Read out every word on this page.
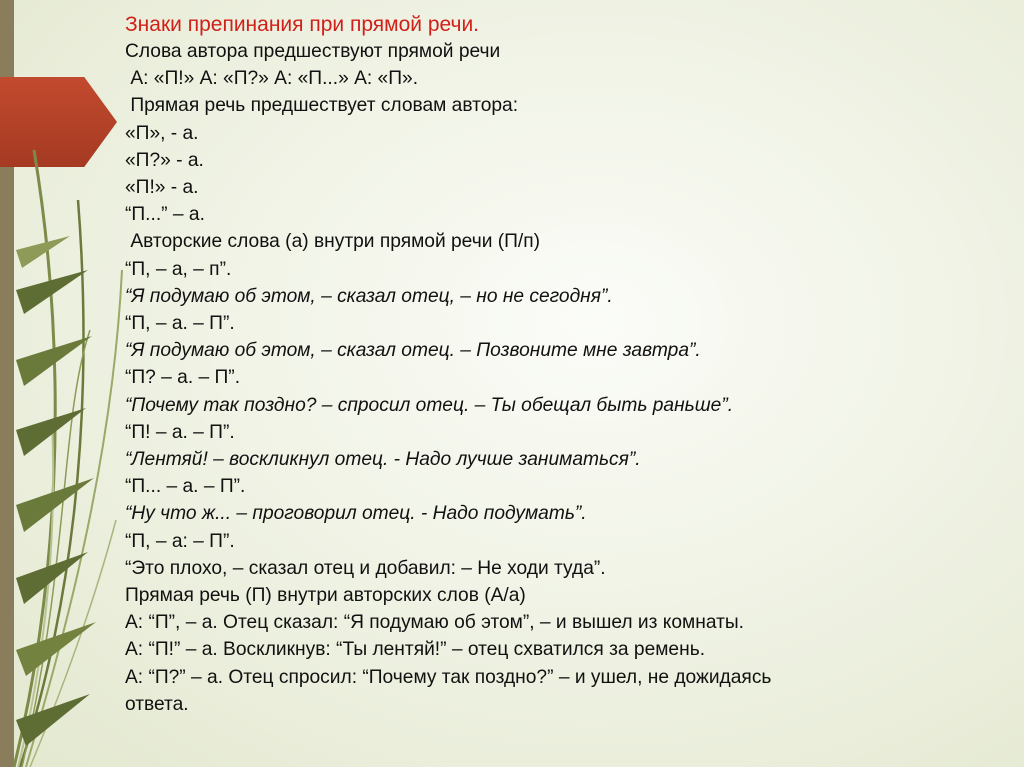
Знаки препинания при прямой речи.
Слова автора предшествуют прямой речи
А: «П!» А: «П?» А: «П...» А: «П».
Прямая речь предшествует словам автора:
«П», - а.
«П?» - а.
«П!» - а.
“П...” – а.
Авторские слова (а) внутри прямой речи (П/п)
“П, – а, – п”.
“Я подумаю об этом, – сказал отец, – но не сегодня”.
“П, – а. – П”.
“Я подумаю об этом, – сказал отец. – Позвоните мне завтра”.
“П? – а. – П”.
“Почему так поздно? – спросил отец. – Ты обещал быть раньше”.
“П! – а. – П”.
“Лентяй! – воскликнул отец. - Надо лучше заниматься”.
“П... – а. – П”.
“Ну что ж... – проговорил отец. - Надо подумать”.
“П, – а: – П”.
“Это плохо, – сказал отец и добавил: – Не ходи туда”.
Прямая речь (П) внутри авторских слов (А/а)
А: “П”, – а. Отец сказал: “Я подумаю об этом”, – и вышел из комнаты.
А: “П!” – а. Воскликнув: “Ты лентяй!” – отец схватился за ремень.
А: “П?” – а. Отец спросил: “Почему так поздно?” – и ушел, не дожидаясь
ответа.
